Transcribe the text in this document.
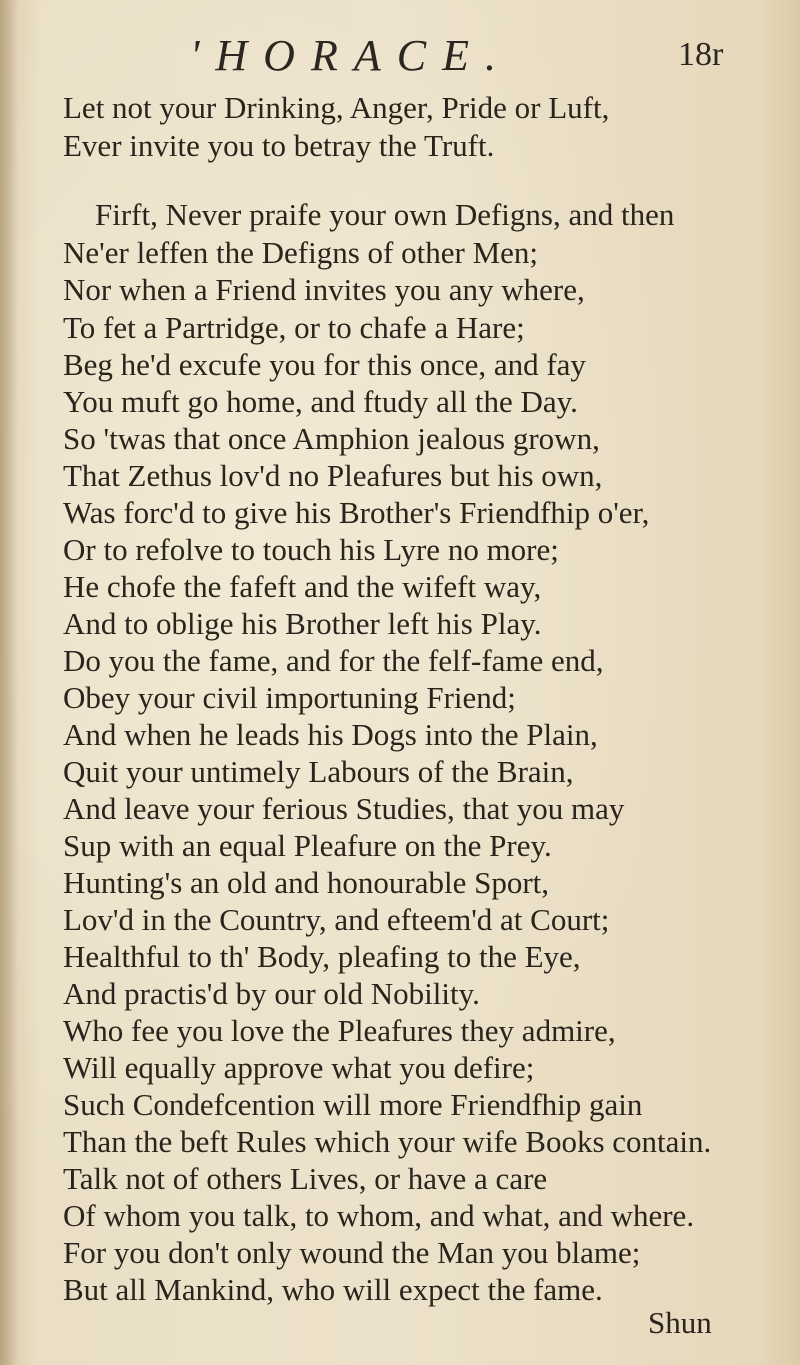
'HORACE.	18r
Let not your Drinking, Anger, Pride or Luft,
Ever invite you to betray the Truft.
Firft, Never praife your own Defigns, and then
Ne'er leffen the Defigns of other Men;
Nor when a Friend invites you any where,
To fet a Partridge, or to chafe a Hare;
Beg he'd excufe you for this once, and fay
You muft go home, and ftudy all the Day.
So 'twas that once Amphion jealous grown,
That Zethus lov'd no Pleafures but his own,
Was forc'd to give his Brother's Friendfhip o'er,
Or to refolve to touch his Lyre no more;
He chofe the fafeft and the wifeft way,
And to oblige his Brother left his Play.
Do you the fame, and for the felf-fame end,
Obey your civil importuning Friend;
And when he leads his Dogs into the Plain,
Quit your untimely Labours of the Brain,
And leave your ferious Studies, that you may
Sup with an equal Pleafure on the Prey.
Hunting's an old and honourable Sport,
Lov'd in the Country, and efteem'd at Court;
Healthful to th' Body, pleafing to the Eye,
And practis'd by our old Nobility.
Who fee you love the Pleafures they admire,
Will equally approve what you defire;
Such Condefcention will more Friendfhip gain
Than the beft Rules which your wife Books contain.
Talk not of others Lives, or have a care
Of whom you talk, to whom, and what, and where.
For you don't only wound the Man you blame;
But all Mankind, who will expect the fame.
Shun
